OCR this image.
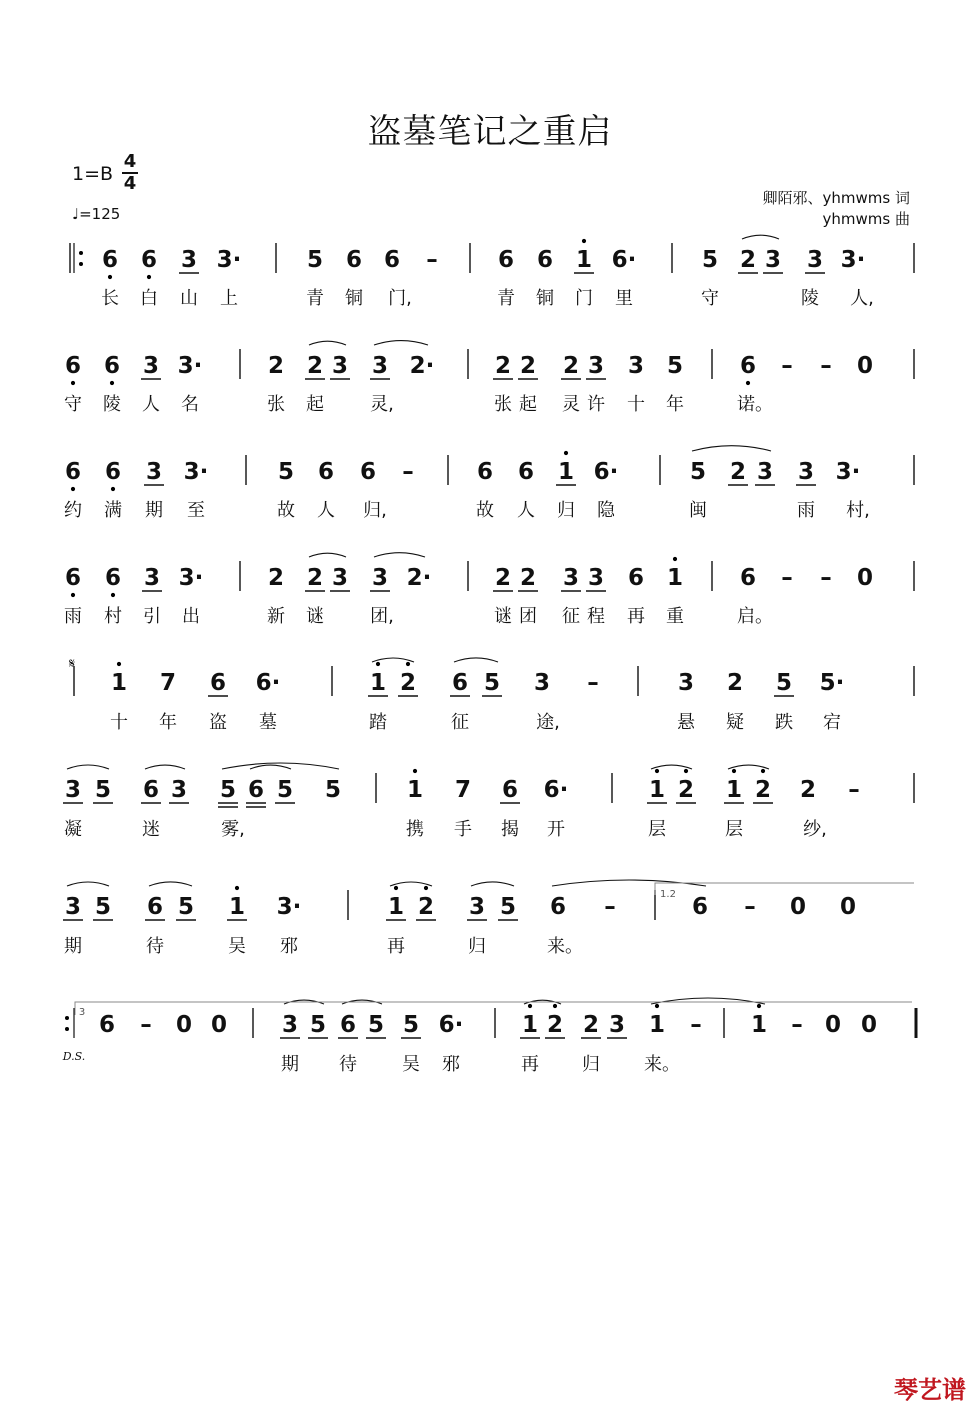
盗墓笔记之重启
1=B
4
4
♩=125
卿陌邪、yhmwms 词
yhmwms 曲
琴艺谱
6 6 3 3·	5 6 6 –	6 6 1 6·	5 2 3 3 3·
长 白 山 上	青 铜 门,	青 铜 门 里	守	陵 人,
6 6 3 3·	2 2 3 3 2·	2 2 2 3 3 5 6 – – 0
守 陵 人 名	张 起	灵,	张 起 灵 许 十 年	诺。
6 6 3 3·	5 6 6 –	6 6 1 6·	5 2 3 3 3·
约 满 期 至	故 人 归,	故 人 归 隐	闽	雨 村,
6 6 3 3·	2 2 3 3 2·	2 2 3 3 6 1 6 – – 0
雨 村 引 出	新 谜	团,	谜 团 征 程 再 重	启。
1 7 6 6·	1 2 6 5 3 –	3 2 5 5·
十 年 盗 墓	踏	征	途,	悬 疑 跌 宕
3 5 6 3 5 6 5 5	1 7 6 6·	1 2 1 2 2 –
凝	迷	雾,	携 手 揭 开	层	层	纱,
3 5 6 5 1 3·	1 2 3 5 6 –	6 – 0 0
期	待	吴 邪	再	归	来。
6 – 0 0 3 5 6 5 5 6·	1 2 2 3 1 – 1 – 0 0
期 待	吴 邪	再 归 来。
𝄋
D.S.
1.2
3
